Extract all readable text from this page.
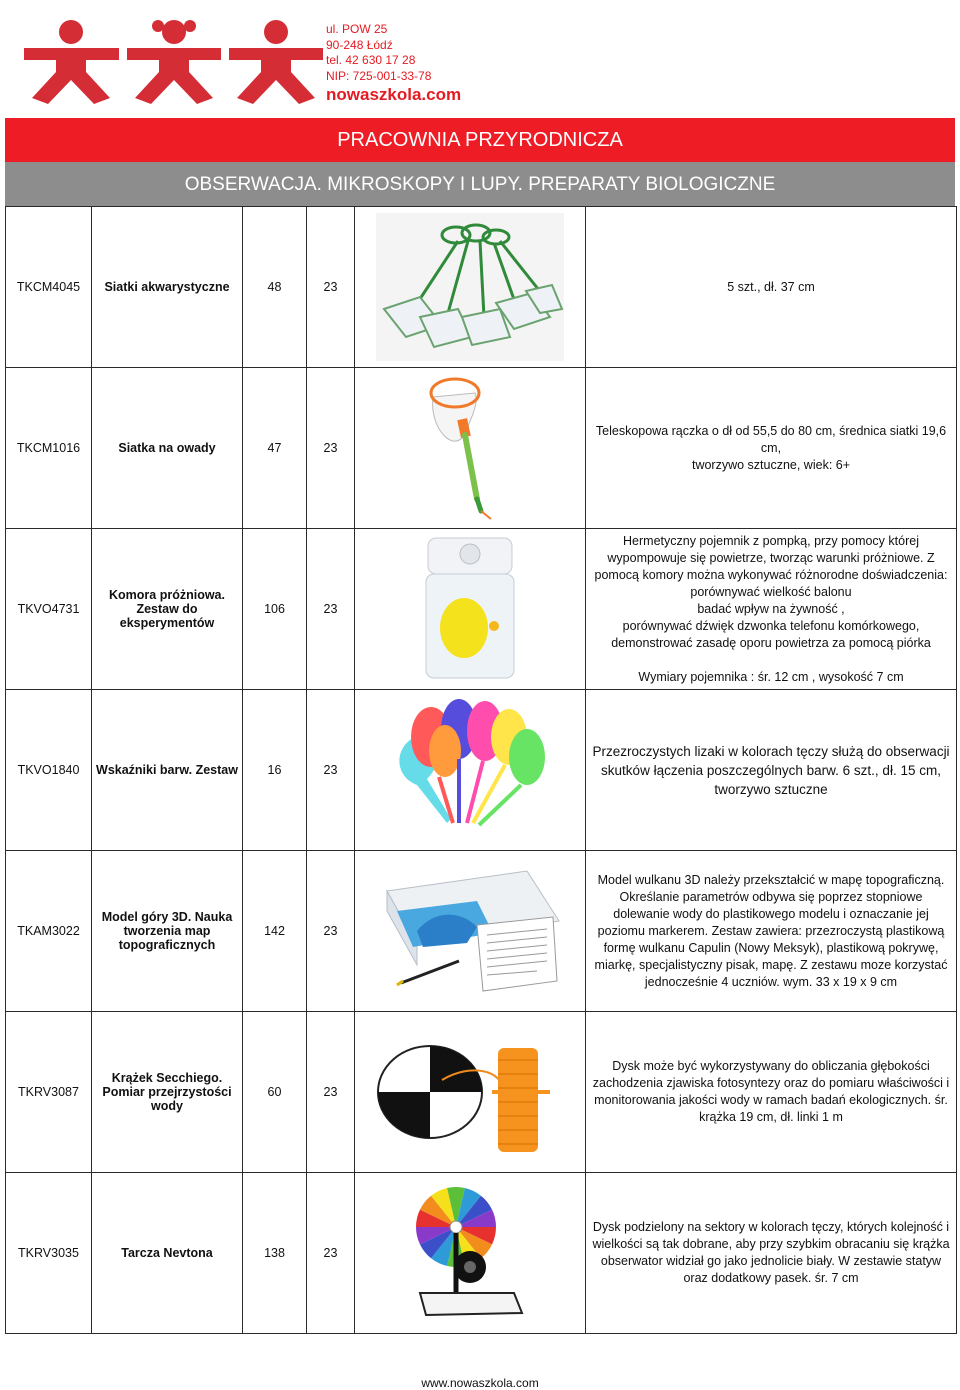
ul. POW 25
90-248 Łódź
tel. 42 630 17 28
NIP: 725-001-33-78
nowaszkola.com
PRACOWNIA PRZYRODNICZA
OBSERWACJA. MIKROSKOPY I LUPY. PREPARATY BIOLOGICZNE
TKCM4045	Siatki akwarystyczne	48	23		5 szt., dł. 37 cm

TKCM1016	Siatka na owady	47	23		Teleskopowa rączka o dł od 55,5 do 80 cm, średnica siatki 19,6 cm,
tworzywo sztuczne, wiek: 6+

TKVO4731	Komora próżniowa. Zestaw do eksperymentów	106	23		Hermetyczny pojemnik z pompką, przy pomocy której wypompowuje się powietrze, tworząc warunki próżniowe. Z pomocą komory można wykonywać różnorodne doświadczenia:
porównywać wielkość balonu
badać wpływ na żywność ,
porównywać dźwięk dzwonka telefonu komórkowego, demonstrować zasadę oporu powietrza za pomocą piórka
Wymiary pojemnika : śr. 12 cm , wysokość 7 cm

TKVO1840	Wskaźniki barw. Zestaw	16	23		Przezroczystych lizaki w kolorach tęczy służą do obserwacji skutków łączenia poszczególnych barw. 6 szt., dł. 15 cm, tworzywo sztuczne

TKAM3022	Model góry 3D. Nauka tworzenia map topograficznych	142	23		Model wulkanu 3D należy przekształcić w mapę topograficzną. Określanie parametrów odbywa się poprzez stopniowe dolewanie wody do plastikowego modelu i oznaczanie jej poziomu markerem. Zestaw zawiera: przezroczystą plastikową formę wulkanu Capulin (Nowy Meksyk), plastikową pokrywę, miarkę, specjalistyczny pisak, mapę. Z zestawu moze korzystać jednocześnie 4 uczniów. wym. 33 x 19 x 9 cm

TKRV3087	Krążek Secchiego. Pomiar przejrzystości wody	60	23		Dysk może być wykorzystywany do obliczania głębokości zachodzenia zjawiska fotosyntezy oraz do pomiaru właściwości i monitorowania jakości wody w ramach badań ekologicznych. śr. krążka 19 cm, dł. linki 1 m

TKRV3035	Tarcza Nevtona	138	23		Dysk podzielony na sektory w kolorach tęczy, których kolejność i wielkości są tak dobrane, aby przy szybkim obracaniu się krążka obserwator widział go jako jednolicie biały. W zestawie statyw oraz dodatkowy pasek. śr. 7 cm
www.nowaszkola.com
